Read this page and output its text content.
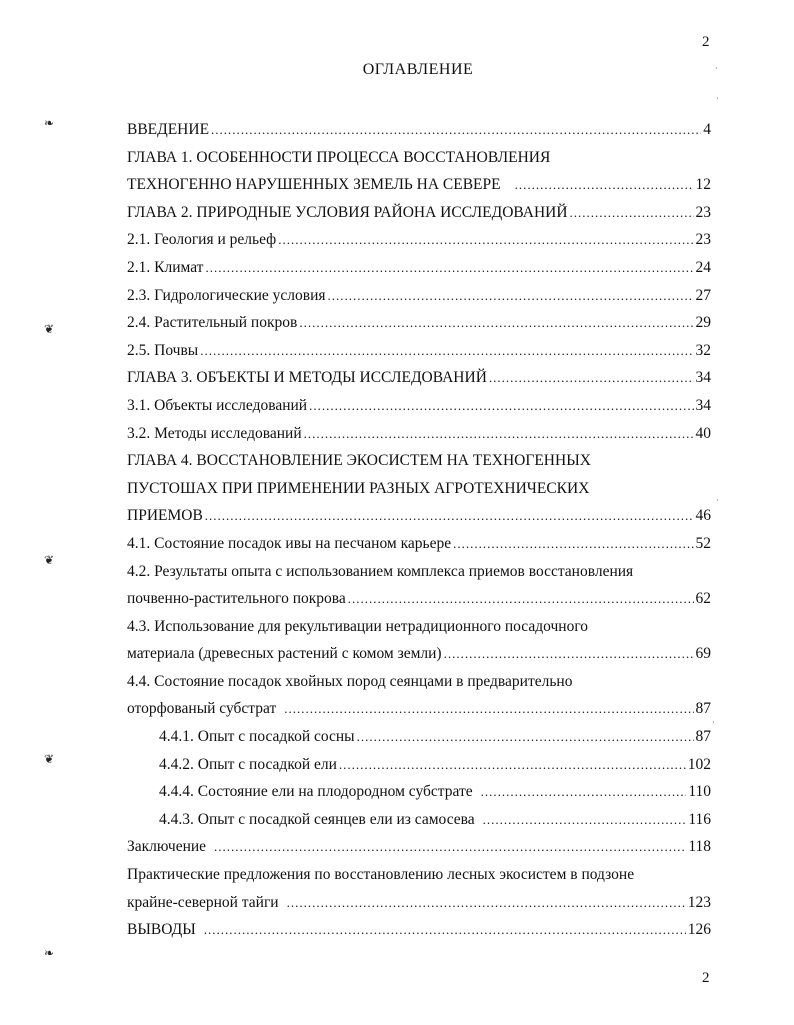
2
ОГЛАВЛЕНИЕ
❧
❦
❦
❦
❧
‧
‧
‧
‧
ВВЕДЕНИЕ .....	4
ГЛАВА 1. ОСОБЕННОСТИ ПРОЦЕССА ВОССТАНОВЛЕНИЯ
ТЕХНОГЕННО НАРУШЕННЫХ ЗЕМЕЛЬ НА СЕВЕРЕ .....	12
ГЛАВА 2. ПРИРОДНЫЕ УСЛОВИЯ РАЙОНА ИССЛЕДОВАНИЙ .....	23
2.1. Геология и рельеф .....	23
2.1. Климат .....	24
2.3. Гидрологические условия .....	27
2.4. Растительный покров .....	29
2.5. Почвы .....	32
ГЛАВА 3. ОБЪЕКТЫ И МЕТОДЫ ИССЛЕДОВАНИЙ .....	34
3.1. Объекты исследований .....	34
3.2. Методы исследований .....	40
ГЛАВА 4. ВОССТАНОВЛЕНИЕ ЭКОСИСТЕМ НА ТЕХНОГЕННЫХ
ПУСТОШАХ ПРИ ПРИМЕНЕНИИ РАЗНЫХ АГРОТЕХНИЧЕСКИХ
ПРИЕМОВ .....	46
4.1. Состояние посадок ивы на песчаном карьере .....	52
4.2. Результаты опыта с использованием комплекса приемов восстановления
почвенно-растительного покрова .....	62
4.3. Использование для рекультивации нетрадиционного посадочного
материала (древесных растений с комом земли) .....	69
4.4. Состояние посадок хвойных пород сеянцами в предварительно
оторфованый субстрат .....	87
4.4.1. Опыт с посадкой сосны .....	87
4.4.2. Опыт с посадкой ели .....	102
4.4.4. Состояние ели на плодородном субстрате .....	110
4.4.3. Опыт с посадкой сеянцев ели из самосева .....	116
Заключение .....	118
Практические предложения по восстановлению лесных экосистем в подзоне
крайне-северной тайги .....	123
ВЫВОДЫ .....	126
2
